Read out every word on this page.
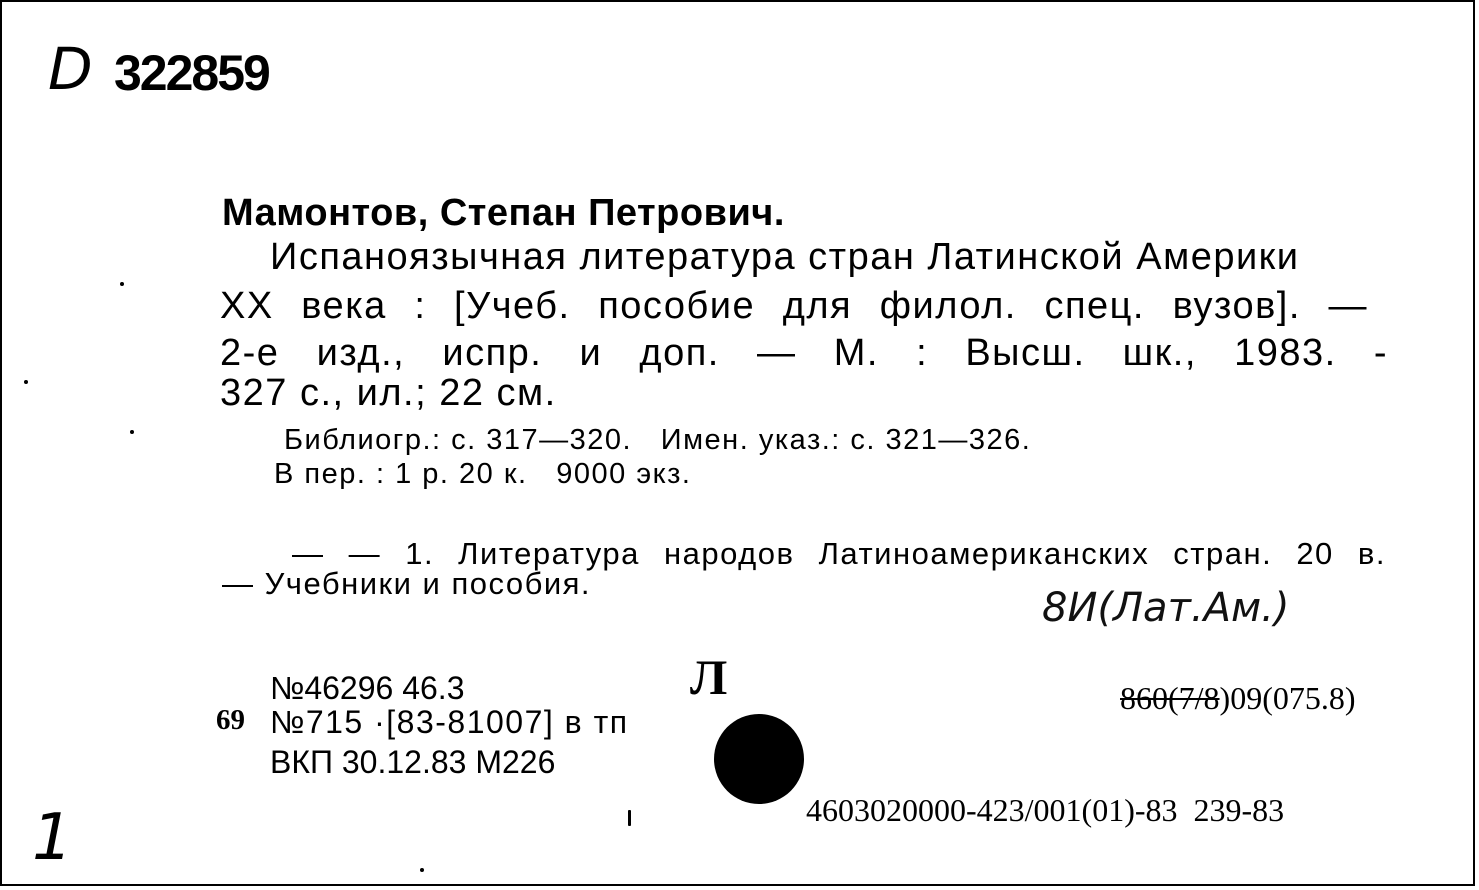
D 322859
Мамонтов, Степан Петрович.
Испаноязычная литература стран Латинской Америки
XX века : [Учеб. пособие для филол. спец. вузов]. —
2-е изд., испр. и доп. — М. : Высш. шк., 1983. -
327 с., ил.; 22 см.
Библиогр.: с. 317—320.   Имен. указ.: с. 321—326.
В пер. : 1 р. 20 к.   9000 экз.
— — 1. Литература народов Латиноамериканских стран. 20 в.
— Учебники и пособия.
8И(Лат.Ам.)

860(7/8)09(075.8)

Л
№46296 46.3
69 №715 ·[83-81007] в тп
ВКП 30.12.83 М226
4603020000-423/001(01)-83  239-83
1
